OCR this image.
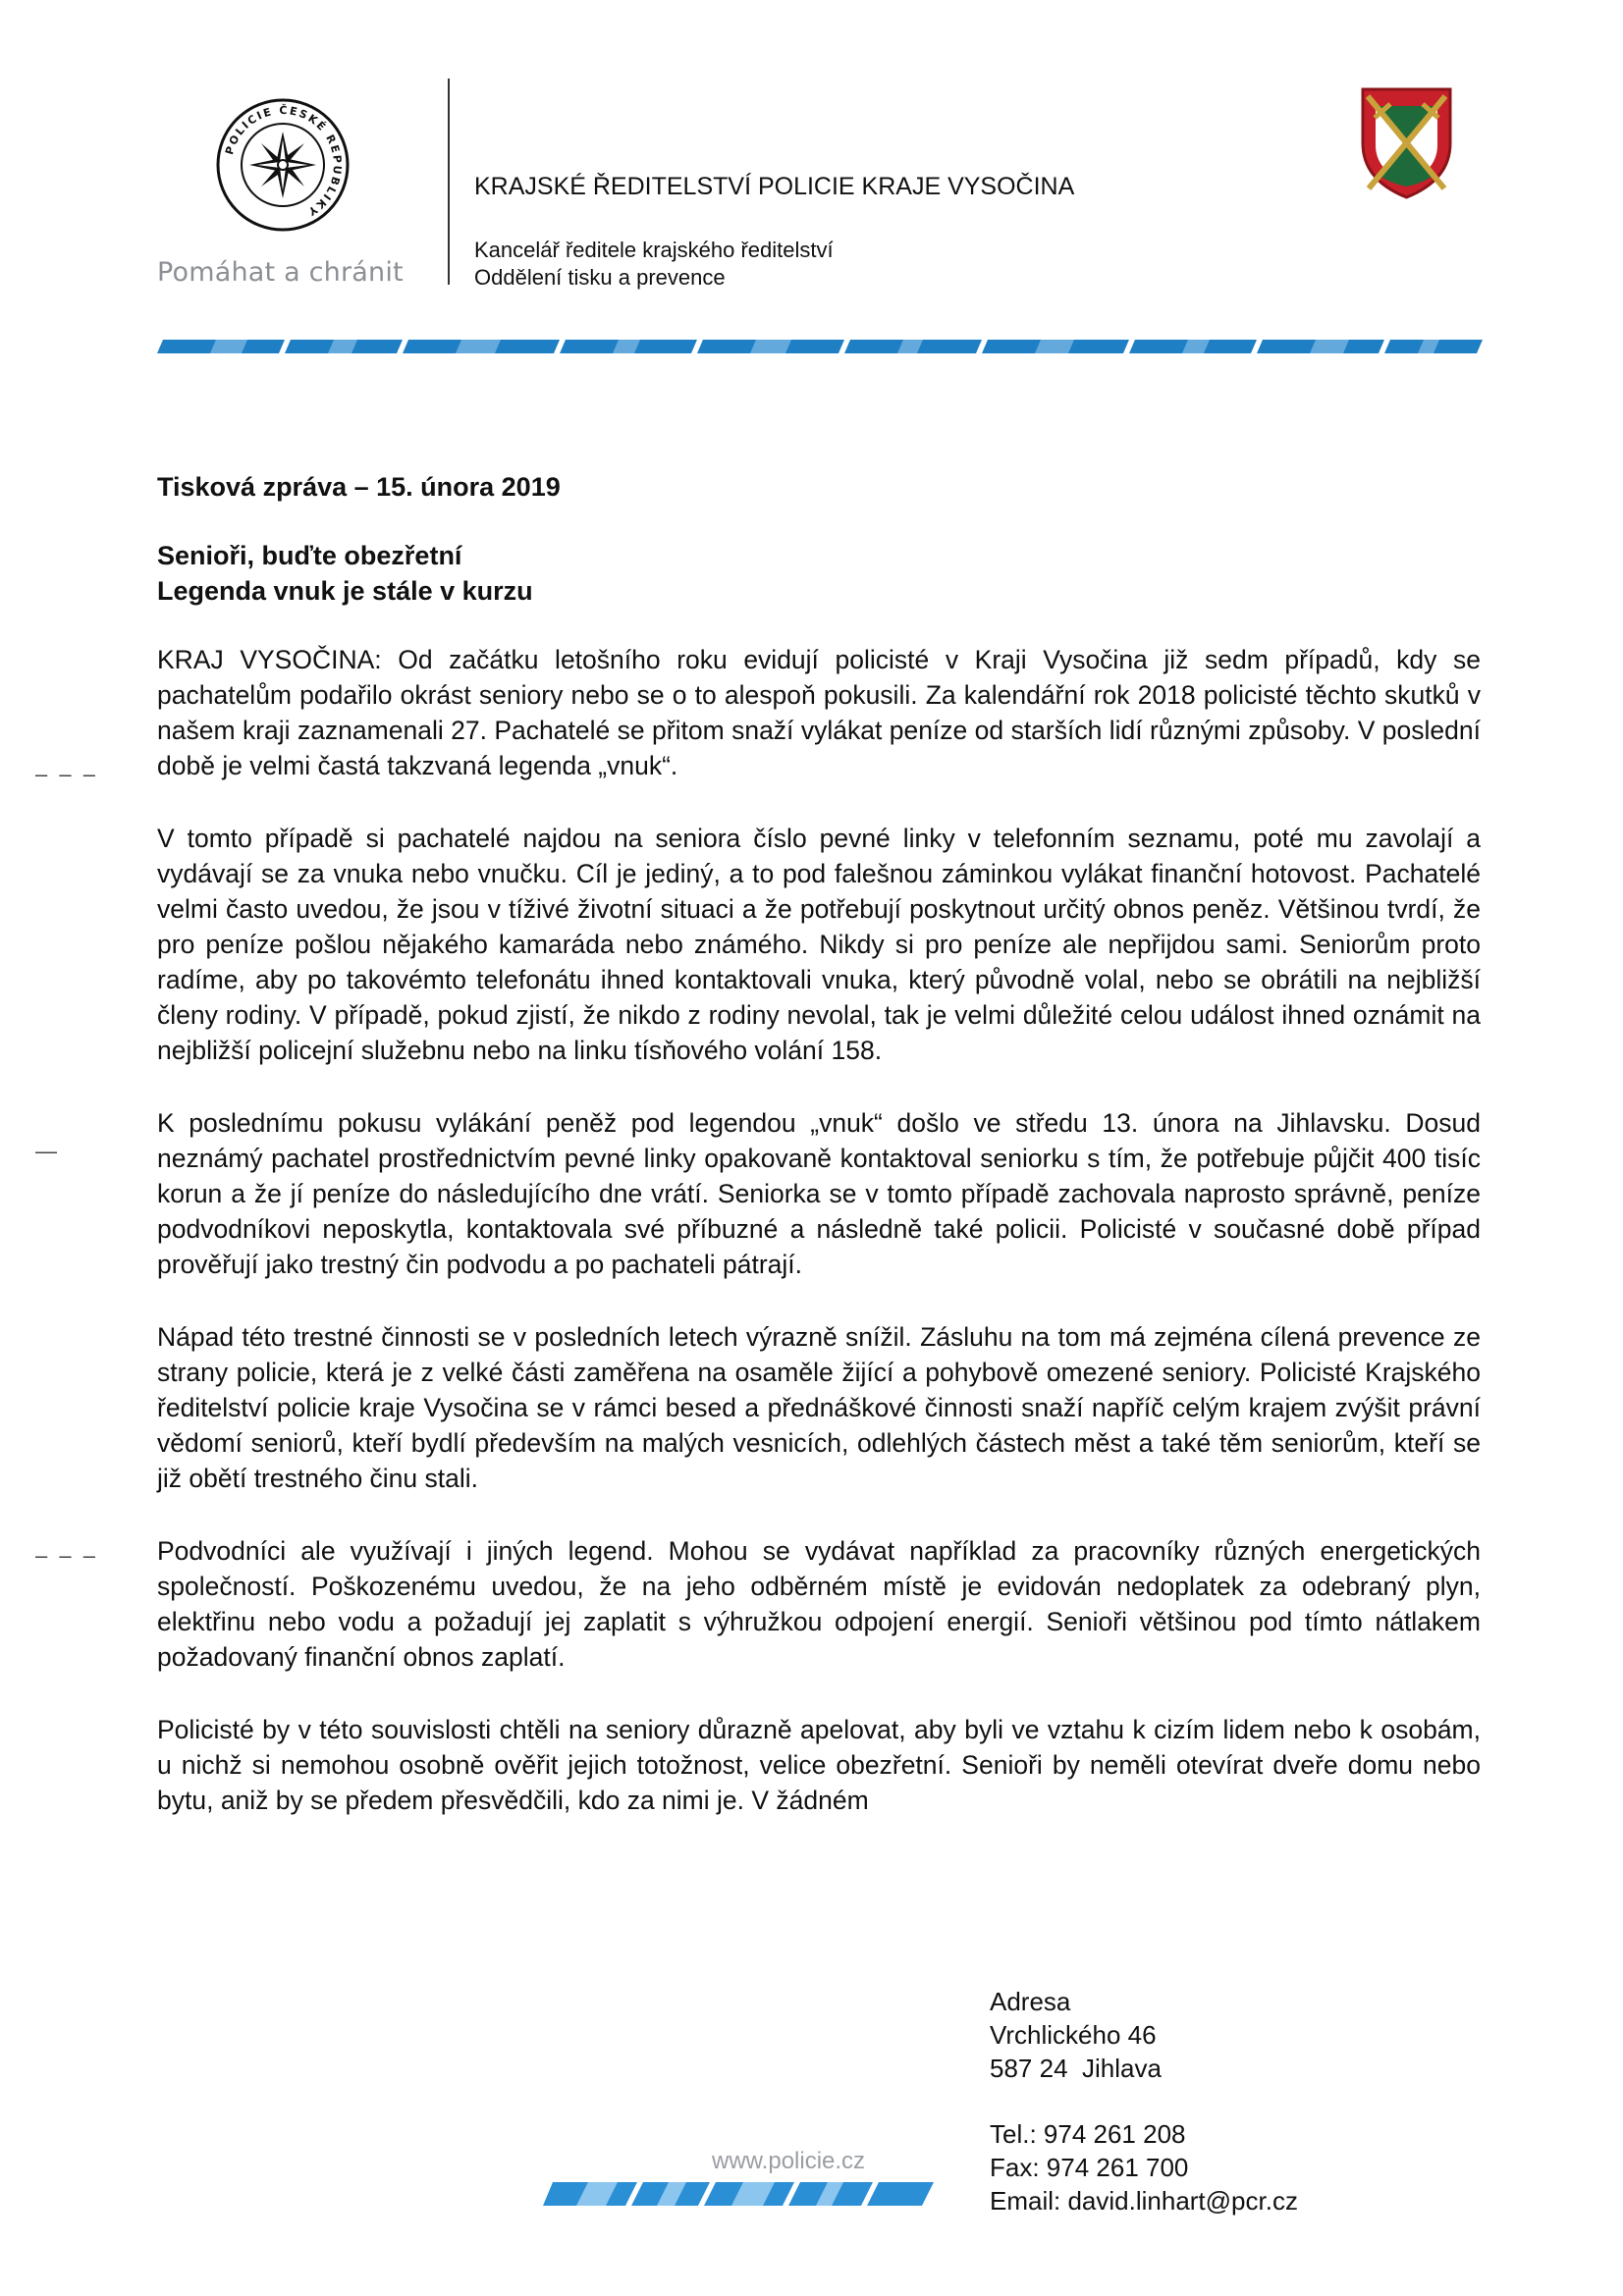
POLICIE ČESKÉ REPUBLIKY
Pomáhat a chránit
KRAJSKÉ ŘEDITELSTVÍ POLICIE KRAJE VYSOČINA
Kancelář ředitele krajského ředitelství
Oddělení tisku a prevence
– – –
—
– – –

Tisková zpráva – 15. února 2019

Senioři, buďte obezřetní

Legenda vnuk je stále v kurzu

KRAJ VYSOČINA: Od začátku letošního roku evidují policisté v Kraji Vysočina již sedm případů, kdy se pachatelům podařilo okrást seniory nebo se o to alespoň pokusili. Za kalendářní rok 2018 policisté těchto skutků v našem kraji zaznamenali 27. Pachatelé se přitom snaží vylákat peníze od starších lidí různými způsoby. V poslední době je velmi častá takzvaná legenda „vnuk“.

V tomto případě si pachatelé najdou na seniora číslo pevné linky v telefonním seznamu, poté mu zavolají a vydávají se za vnuka nebo vnučku. Cíl je jediný, a to pod falešnou záminkou vylákat finanční hotovost. Pachatelé velmi často uvedou, že jsou v tíživé životní situaci a že potřebují poskytnout určitý obnos peněz. Většinou tvrdí, že pro peníze pošlou nějakého kamaráda nebo známého. Nikdy si pro peníze ale nepřijdou sami. Seniorům proto radíme, aby po takovémto telefonátu ihned kontaktovali vnuka, který původně volal, nebo se obrátili na nejbližší členy rodiny. V případě, pokud zjistí, že nikdo z rodiny nevolal, tak je velmi důležité celou událost ihned oznámit na nejbližší policejní služebnu nebo na linku tísňového volání 158.

K poslednímu pokusu vylákání peněž pod legendou „vnuk“ došlo ve středu 13. února na Jihlavsku. Dosud neznámý pachatel prostřednictvím pevné linky opakovaně kontaktoval seniorku s tím, že potřebuje půjčit 400 tisíc korun a že jí peníze do následujícího dne vrátí. Seniorka se v tomto případě zachovala naprosto správně, peníze podvodníkovi neposkytla, kontaktovala své příbuzné a následně také policii. Policisté v současné době případ prověřují jako trestný čin podvodu a po pachateli pátrají.

Nápad této trestné činnosti se v posledních letech výrazně snížil. Zásluhu na tom má zejména cílená prevence ze strany policie, která je z velké části zaměřena na osaměle žijící a pohybově omezené seniory. Policisté Krajského ředitelství policie kraje Vysočina se v rámci besed a přednáškové činnosti snaží napříč celým krajem zvýšit právní vědomí seniorů, kteří bydlí především na malých vesnicích, odlehlých částech měst a také těm seniorům, kteří se již obětí trestného činu stali.

Podvodníci ale využívají i jiných legend. Mohou se vydávat například za pracovníky různých energetických společností. Poškozenému uvedou, že na jeho odběrném místě je evidován nedoplatek za odebraný plyn, elektřinu nebo vodu a požadují jej zaplatit s výhružkou odpojení energií. Senioři většinou pod tímto nátlakem požadovaný finanční obnos zaplatí.

Policisté by v této souvislosti chtěli na seniory důrazně apelovat, aby byli ve vztahu k cizím lidem nebo k osobám, u nichž si nemohou osobně ověřit jejich totožnost, velice obezřetní. Senioři by neměli otevírat dveře domu nebo bytu, aniž by se předem přesvědčili, kdo za nimi je. V žádném

Adresa
Vrchlického 46
587 24  Jihlava
www.policie.cz
Tel.: 974 261 208
Fax: 974 261 700
Email: david.linhart@pcr.cz
